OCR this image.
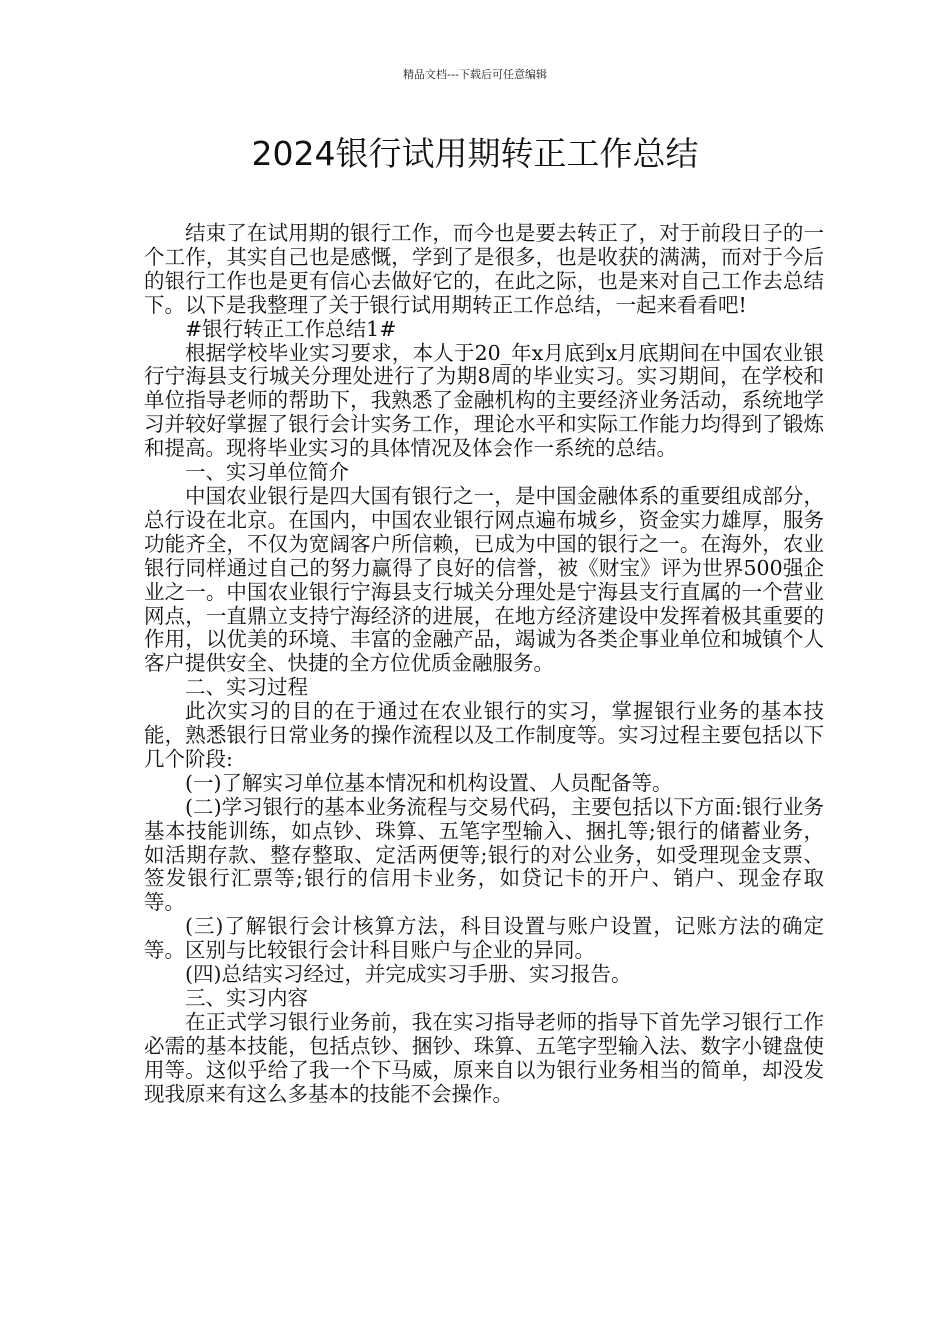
精品文档---下载后可任意编辑
2024银行试用期转正工作总结

结束了在试用期的银行工作，而今也是要去转正了，对于前段日子的一个工作，其实自己也是感慨，学到了是很多，也是收获的满满，而对于今后的银行工作也是更有信心去做好它的，在此之际，也是来对自己工作去总结下。以下是我整理了关于银行试用期转正工作总结，一起来看看吧!

#银行转正工作总结1#

根据学校毕业实习要求，本人于20_年x月底到x月底期间在中国农业银行宁海县支行城关分理处进行了为期8周的毕业实习。实习期间，在学校和单位指导老师的帮助下，我熟悉了金融机构的主要经济业务活动，系统地学习并较好掌握了银行会计实务工作，理论水平和实际工作能力均得到了锻炼和提高。现将毕业实习的具体情况及体会作一系统的总结。

一、实习单位简介

中国农业银行是四大国有银行之一，是中国金融体系的重要组成部分，总行设在北京。在国内，中国农业银行网点遍布城乡，资金实力雄厚，服务功能齐全，不仅为宽阔客户所信赖，已成为中国的银行之一。在海外，农业银行同样通过自己的努力赢得了良好的信誉，被《财宝》评为世界500强企业之一。中国农业银行宁海县支行城关分理处是宁海县支行直属的一个营业网点，一直鼎立支持宁海经济的进展，在地方经济建设中发挥着极其重要的作用，以优美的环境、丰富的金融产品，竭诚为各类企事业单位和城镇个人客户提供安全、快捷的全方位优质金融服务。

二、实习过程

此次实习的目的在于通过在农业银行的实习，掌握银行业务的基本技能，熟悉银行日常业务的操作流程以及工作制度等。实习过程主要包括以下几个阶段:

(一)了解实习单位基本情况和机构设置、人员配备等。

(二)学习银行的基本业务流程与交易代码，主要包括以下方面:银行业务基本技能训练，如点钞、珠算、五笔字型输入、捆扎等;银行的储蓄业务，如活期存款、整存整取、定活两便等;银行的对公业务，如受理现金支票、签发银行汇票等;银行的信用卡业务，如贷记卡的开户、销户、现金存取等。

(三)了解银行会计核算方法，科目设置与账户设置，记账方法的确定等。区别与比较银行会计科目账户与企业的异同。

(四)总结实习经过，并完成实习手册、实习报告。

三、实习内容

在正式学习银行业务前，我在实习指导老师的指导下首先学习银行工作必需的基本技能，包括点钞、捆钞、珠算、五笔字型输入法、数字小键盘使用等。这似乎给了我一个下马威，原来自以为银行业务相当的简单，却没发现我原来有这么多基本的技能不会操作。
